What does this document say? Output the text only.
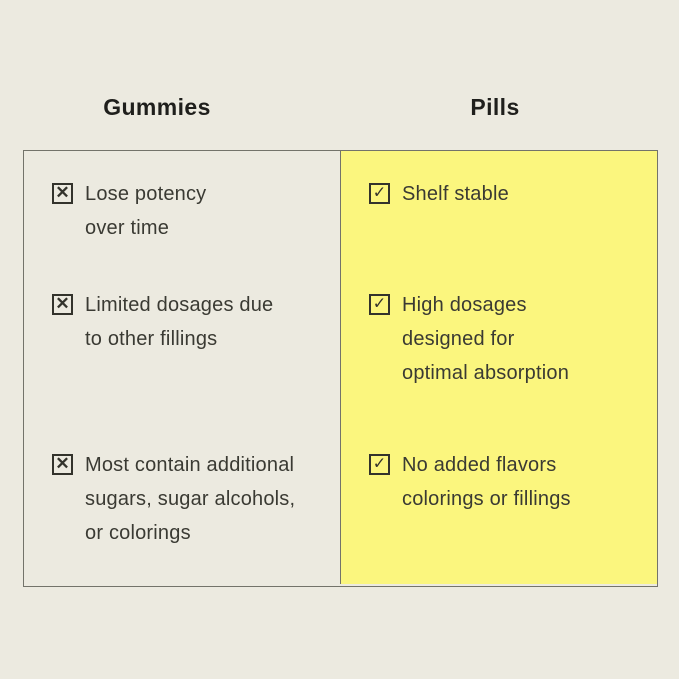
Gummies	Pills
✕ Lose potency
over time
✓ Shelf stable
✕ Limited dosages due
to other fillings
✓ High dosages
designed for
optimal absorption
✕ Most contain additional
sugars, sugar alcohols,
or colorings
✓ No added flavors
colorings or fillings
